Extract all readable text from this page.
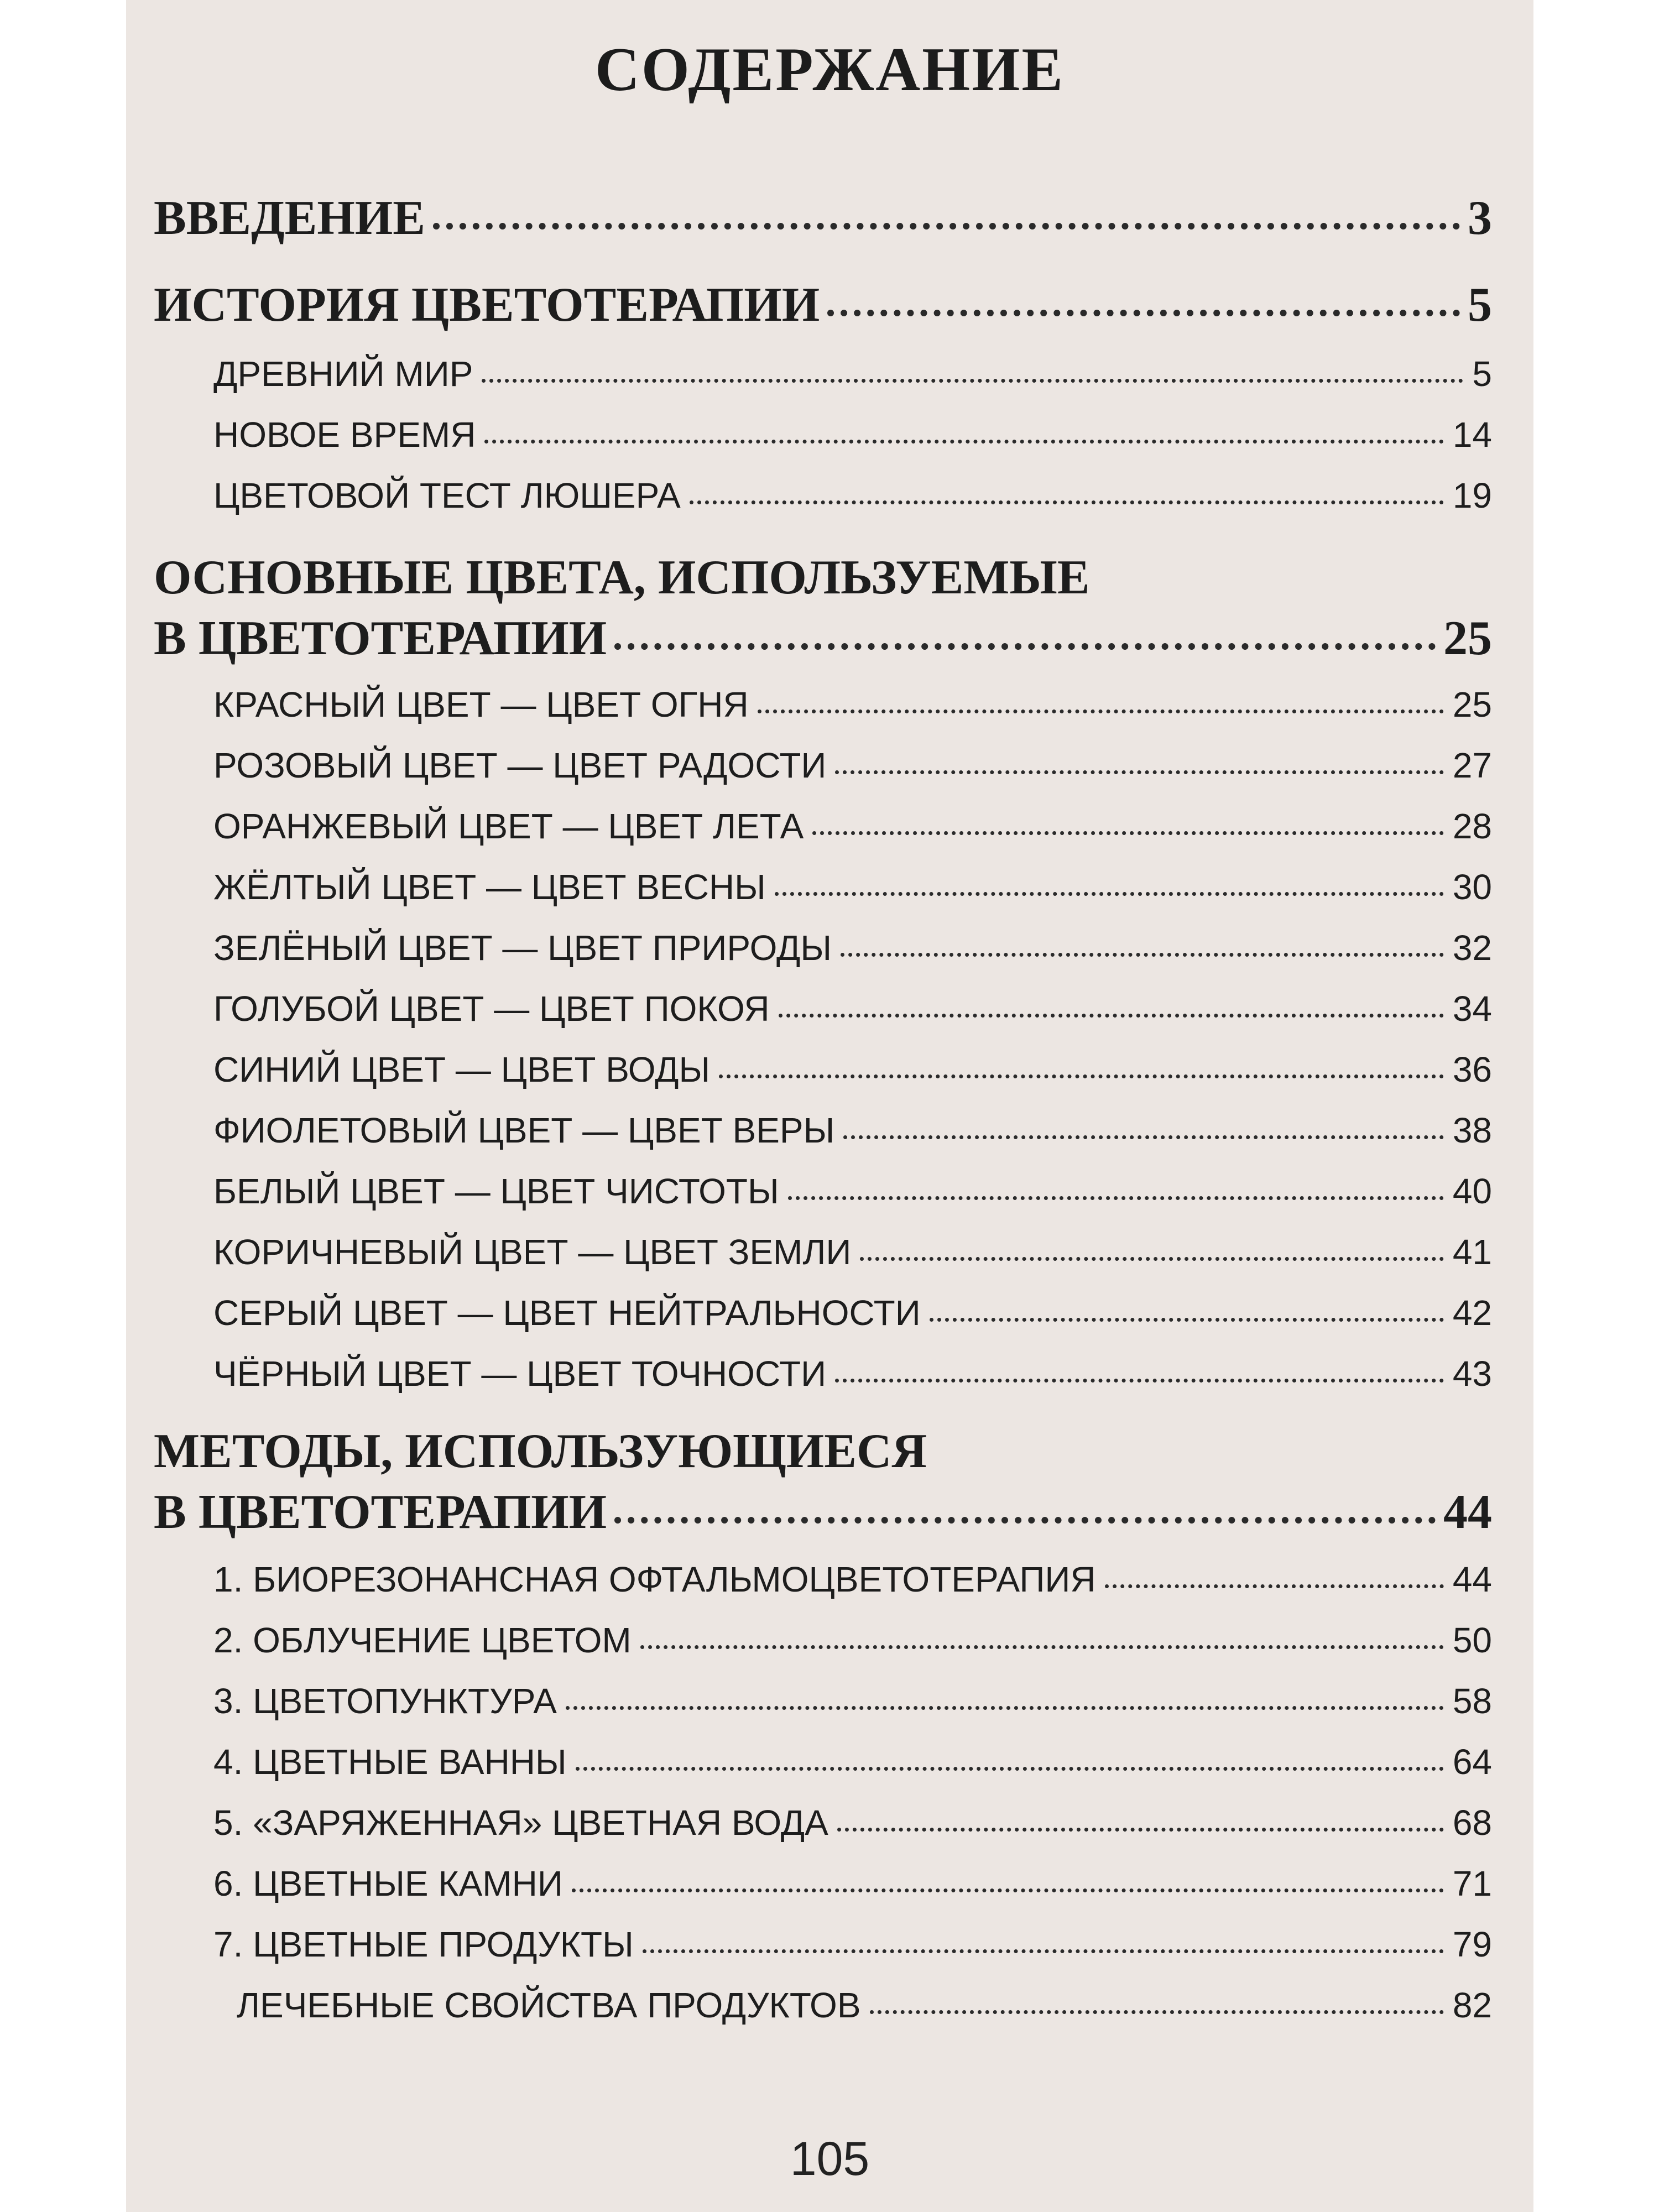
СОДЕРЖАНИЕ
ВВЕДЕНИЕ	3
ИСТОРИЯ ЦВЕТОТЕРАПИИ	5
ДРЕВНИЙ МИР	5
НОВОЕ ВРЕМЯ	14
ЦВЕТОВОЙ ТЕСТ ЛЮШЕРА	19
ОСНОВНЫЕ ЦВЕТА, ИСПОЛЬЗУЕМЫЕ
В ЦВЕТОТЕРАПИИ	25
КРАСНЫЙ ЦВЕТ — ЦВЕТ ОГНЯ	25
РОЗОВЫЙ ЦВЕТ — ЦВЕТ РАДОСТИ	27
ОРАНЖЕВЫЙ ЦВЕТ — ЦВЕТ ЛЕТА	28
ЖЁЛТЫЙ ЦВЕТ — ЦВЕТ ВЕСНЫ	30
ЗЕЛЁНЫЙ ЦВЕТ — ЦВЕТ ПРИРОДЫ	32
ГОЛУБОЙ ЦВЕТ — ЦВЕТ ПОКОЯ	34
СИНИЙ ЦВЕТ — ЦВЕТ ВОДЫ	36
ФИОЛЕТОВЫЙ ЦВЕТ — ЦВЕТ ВЕРЫ	38
БЕЛЫЙ ЦВЕТ — ЦВЕТ ЧИСТОТЫ	40
КОРИЧНЕВЫЙ ЦВЕТ — ЦВЕТ ЗЕМЛИ	41
СЕРЫЙ ЦВЕТ — ЦВЕТ НЕЙТРАЛЬНОСТИ	42
ЧЁРНЫЙ ЦВЕТ — ЦВЕТ ТОЧНОСТИ	43
МЕТОДЫ, ИСПОЛЬЗУЮЩИЕСЯ
В ЦВЕТОТЕРАПИИ	44
1. БИОРЕЗОНАНСНАЯ ОФТАЛЬМОЦВЕТОТЕРАПИЯ	44
2. ОБЛУЧЕНИЕ ЦВЕТОМ	50
3. ЦВЕТОПУНКТУРА	58
4. ЦВЕТНЫЕ ВАННЫ	64
5. «ЗАРЯЖЕННАЯ» ЦВЕТНАЯ ВОДА	68
6. ЦВЕТНЫЕ КАМНИ	71
7. ЦВЕТНЫЕ ПРОДУКТЫ	79
ЛЕЧЕБНЫЕ СВОЙСТВА ПРОДУКТОВ	82
105
